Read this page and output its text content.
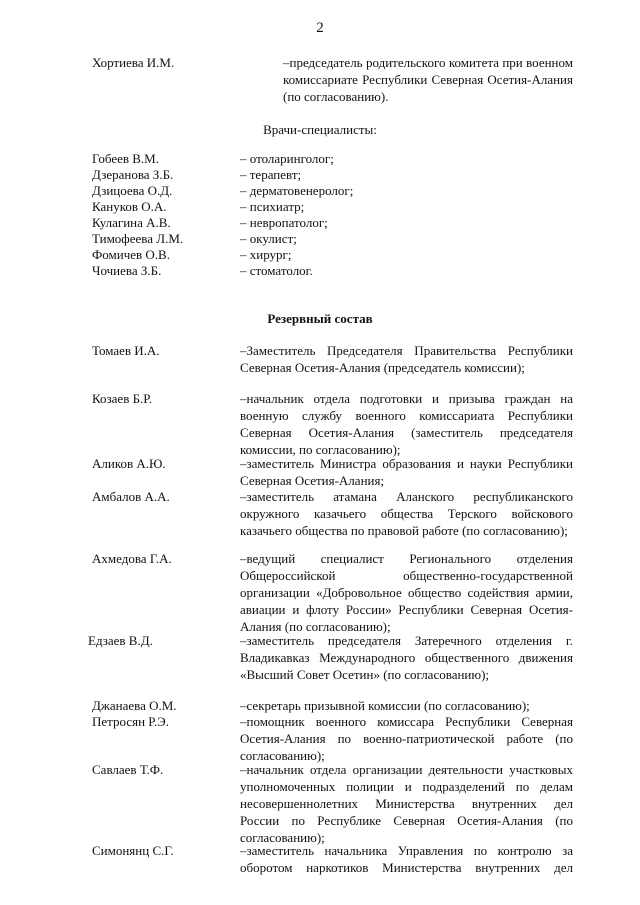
2
Хортиева И.М.	–председатель родительского комитета при военном комиссариате Республики Северная Осетия-Алания (по согласованию).
Врачи-специалисты:
Гобеев В.М.	– отоларинголог;
Дзеранова З.Б.	– терапевт;
Дзицоева О.Д.	– дерматовенеролог;
Кануков О.А.	– психиатр;
Кулагина А.В.	– невропатолог;
Тимофеева Л.М.	– окулист;
Фомичев О.В.	– хирург;
Чочиева З.Б.	– стоматолог.
Резервный состав
Томаев И.А.	–Заместитель Председателя Правительства Республики Северная Осетия-Алания (председатель комиссии);
Козаев Б.Р.	–начальник отдела подготовки и призыва граждан на военную службу военного комиссариата Республики Северная Осетия-Алания (заместитель председателя комиссии, по согласованию);
Аликов А.Ю.	–заместитель Министра образования и науки Республики Северная Осетия-Алания;
Амбалов А.А.	–заместитель атамана Аланского республиканского окружного казачьего общества Терского войскового казачьего общества по правовой работе (по согласованию);
Ахмедова Г.А.	–ведущий специалист Регионального отделения Общероссийской общественно-государственной организации «Добровольное общество содействия армии, авиации и флоту России» Республики Северная Осетия-Алания (по согласованию);
Едзаев В.Д.	–заместитель председателя Затеречного отделения г. Владикавказ Международного общественного движения «Высший Совет Осетин» (по согласованию);
Джанаева О.М.	–секретарь призывной комиссии (по согласованию);
Петросян Р.Э.	–помощник военного комиссара Республики Северная Осетия-Алания по военно-патриотической работе (по согласованию);
Савлаев Т.Ф.	–начальник отдела организации деятельности участковых уполномоченных полиции и подразделений по делам несовершеннолетних Министерства внутренних дел России по Республике Северная Осетия-Алания (по согласованию);
Симонянц С.Г.	–заместитель начальника Управления по контролю за оборотом наркотиков Министерства внутренних дел
